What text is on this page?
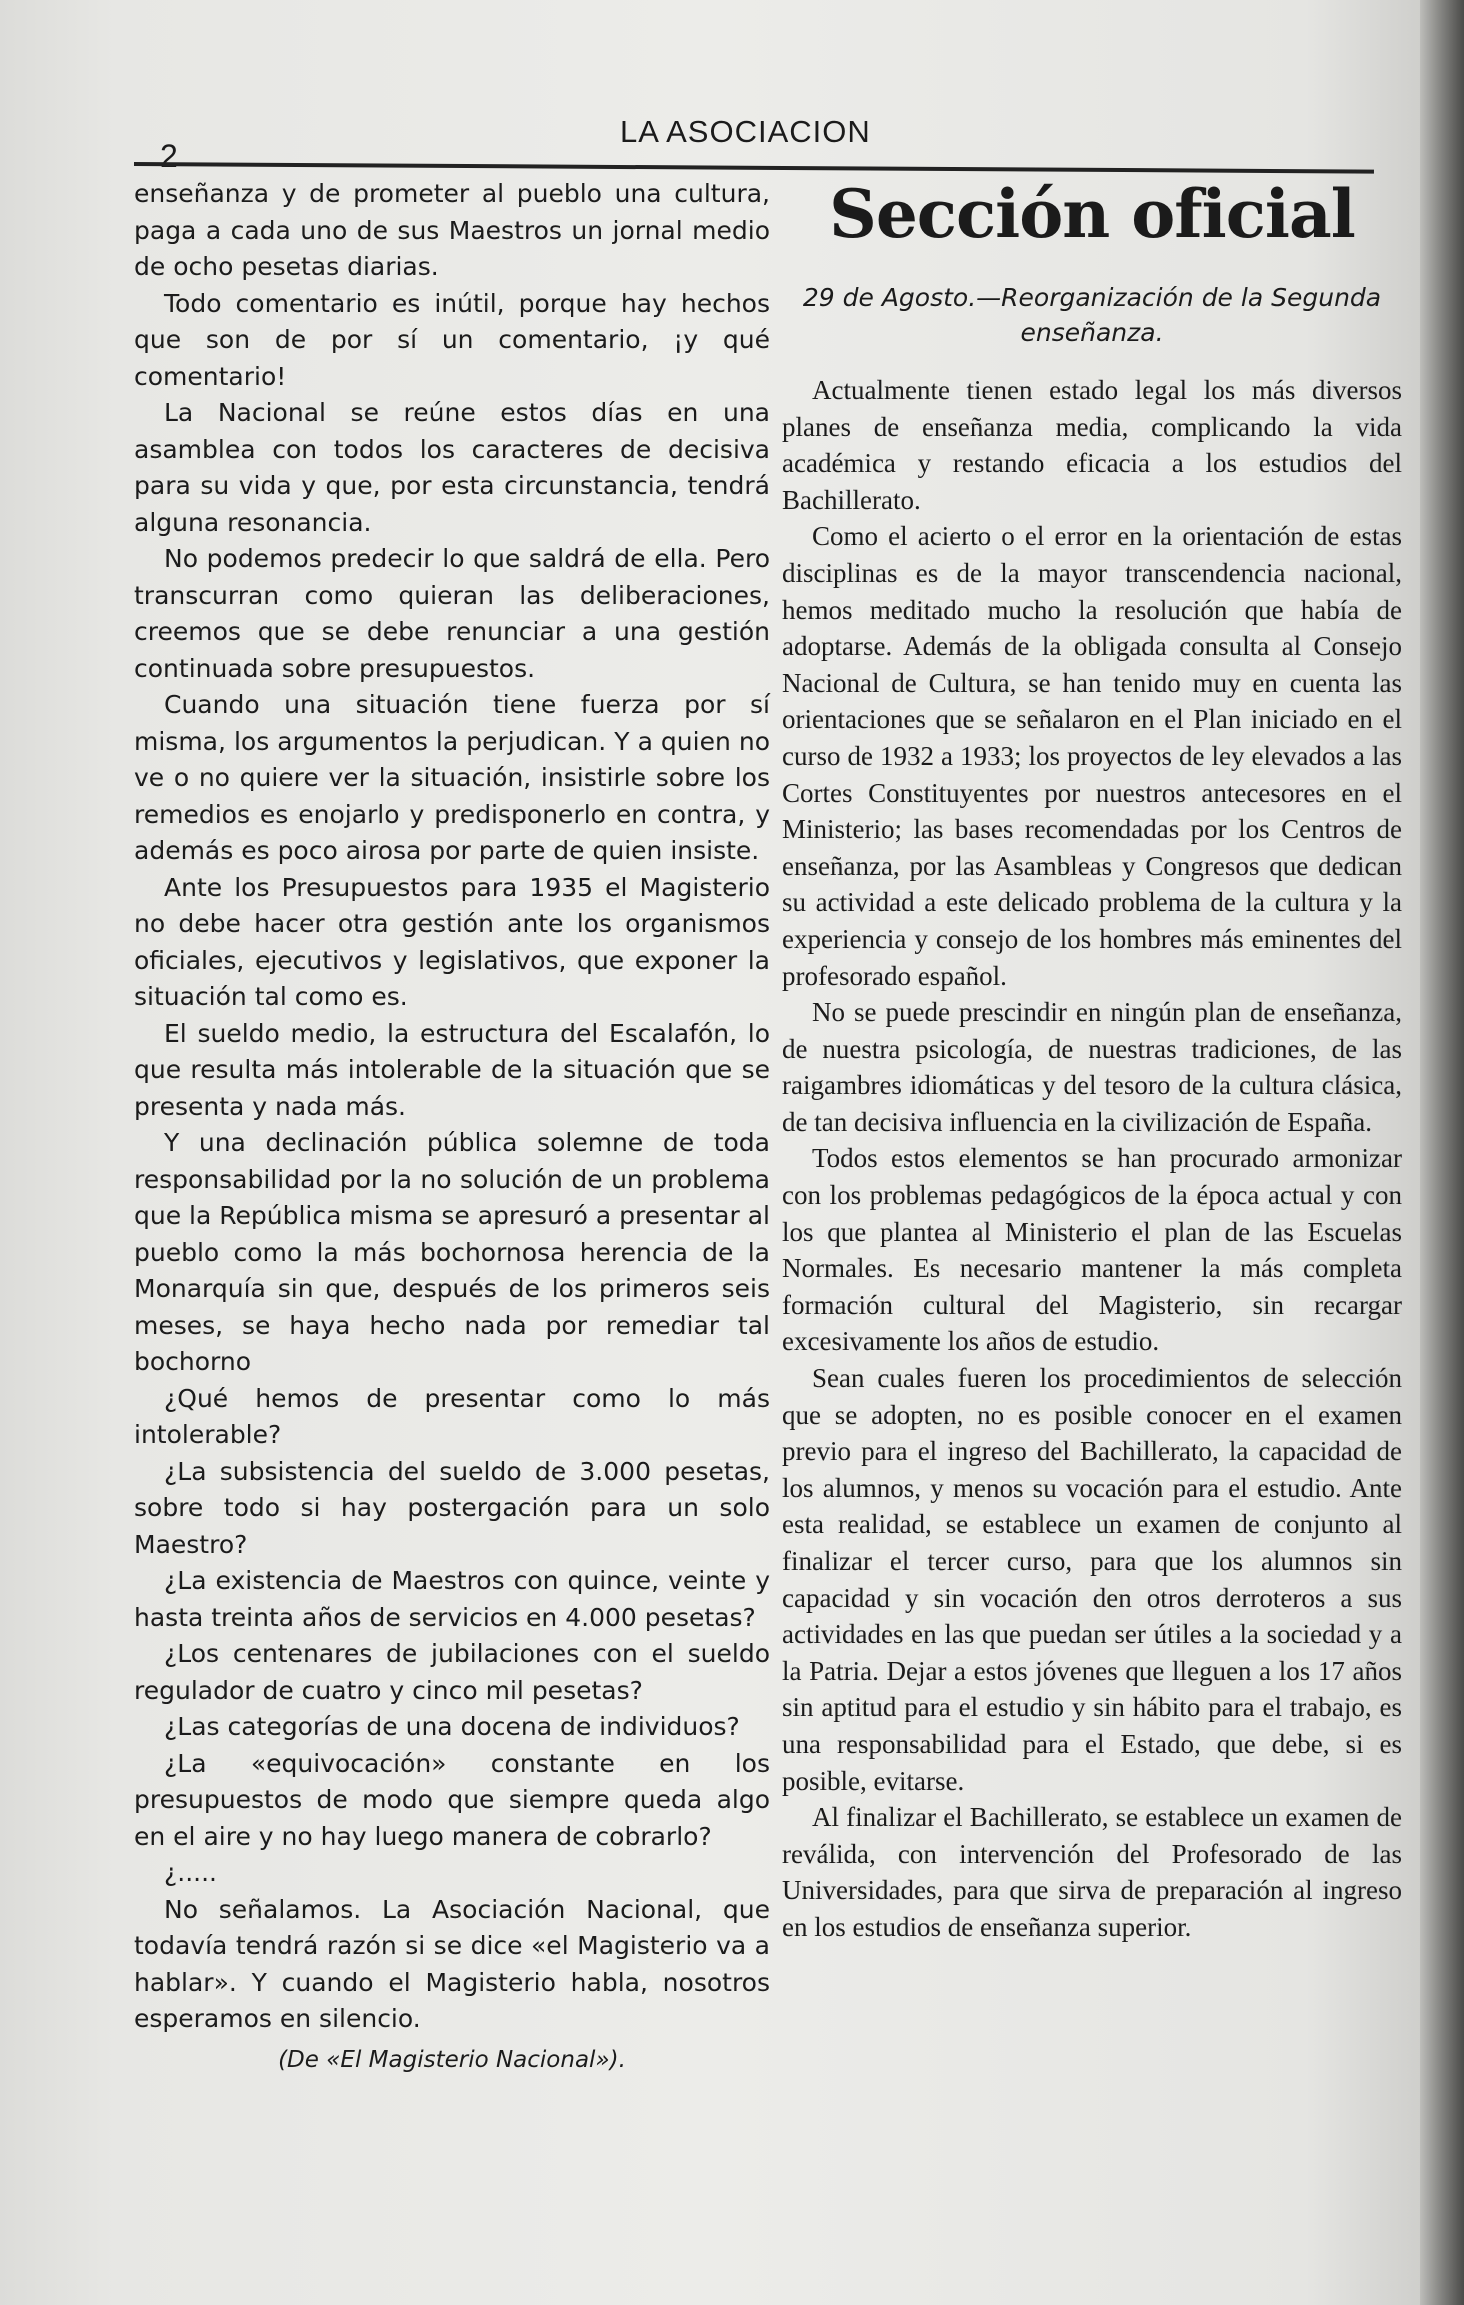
2
LA ASOCIACION

enseñanza y de prometer al pueblo una cultura, paga a cada uno de sus Maestros un jornal medio de ocho pesetas diarias.

Todo comentario es inútil, porque hay hechos que son de por sí un comentario, ¡y qué comentario!

La Nacional se reúne estos días en una asamblea con todos los caracteres de decisiva para su vida y que, por esta circunstancia, tendrá alguna resonancia.

No podemos predecir lo que saldrá de ella. Pero transcurran como quieran las deliberaciones, creemos que se debe renunciar a una gestión continuada sobre presupuestos.

Cuando una situación tiene fuerza por sí misma, los argumentos la perjudican. Y a quien no ve o no quiere ver la situación, insistirle sobre los remedios es enojarlo y predisponerlo en contra, y además es poco airosa por parte de quien insiste.

Ante los Presupuestos para 1935 el Magisterio no debe hacer otra gestión ante los organismos oficiales, ejecutivos y legislativos, que exponer la situación tal como es.

El sueldo medio, la estructura del Escalafón, lo que resulta más intolerable de la situación que se presenta y nada más.

Y una declinación pública solemne de toda responsabilidad por la no solución de un problema que la República misma se apresuró a presentar al pueblo como la más bochornosa herencia de la Monarquía sin que, después de los primeros seis meses, se haya hecho nada por remediar tal bochorno

¿Qué hemos de presentar como lo más intolerable?

¿La subsistencia del sueldo de 3.000 pesetas, sobre todo si hay postergación para un solo Maestro?

¿La existencia de Maestros con quince, veinte y hasta treinta años de servicios en 4.000 pesetas?

¿Los centenares de jubilaciones con el sueldo regulador de cuatro y cinco mil pesetas?

¿Las categorías de una docena de individuos?

¿La «equivocación» constante en los presupuestos de modo que siempre queda algo en el aire y no hay luego manera de cobrarlo?

¿.....

No señalamos. La Asociación Nacional, que todavía tendrá razón si se dice «el Magisterio va a hablar». Y cuando el Magisterio habla, nosotros esperamos en silencio.

(De «El Magisterio Nacional»).
Sección oficial
29 de Agosto.—Reorganización de la Segunda enseñanza.

Actualmente tienen estado legal los más diversos planes de enseñanza media, complicando la vida académica y restando eficacia a los estudios del Bachillerato.

Como el acierto o el error en la orientación de estas disciplinas es de la mayor transcendencia nacional, hemos meditado mucho la resolución que había de adoptarse. Además de la obligada consulta al Consejo Nacional de Cultura, se han tenido muy en cuenta las orientaciones que se señalaron en el Plan iniciado en el curso de 1932 a 1933; los proyectos de ley elevados a las Cortes Constituyentes por nuestros antecesores en el Ministerio; las bases recomendadas por los Centros de enseñanza, por las Asambleas y Congresos que dedican su actividad a este delicado problema de la cultura y la experiencia y consejo de los hombres más eminentes del profesorado español.

No se puede prescindir en ningún plan de enseñanza, de nuestra psicología, de nuestras tradiciones, de las raigambres idiomáticas y del tesoro de la cultura clásica, de tan decisiva influencia en la civilización de España.

Todos estos elementos se han procurado armonizar con los problemas pedagógicos de la época actual y con los que plantea al Ministerio el plan de las Escuelas Normales. Es necesario mantener la más completa formación cultural del Magisterio, sin recargar excesivamente los años de estudio.

Sean cuales fueren los procedimientos de selección que se adopten, no es posible conocer en el examen previo para el ingreso del Bachillerato, la capacidad de los alumnos, y menos su vocación para el estudio. Ante esta realidad, se establece un examen de conjunto al finalizar el tercer curso, para que los alumnos sin capacidad y sin vocación den otros derroteros a sus actividades en las que puedan ser útiles a la sociedad y a la Patria. Dejar a estos jóvenes que lleguen a los 17 años sin aptitud para el estudio y sin hábito para el trabajo, es una responsabilidad para el Estado, que debe, si es posible, evitarse.

Al finalizar el Bachillerato, se establece un examen de reválida, con intervención del Profesorado de las Universidades, para que sirva de preparación al ingreso en los estudios de enseñanza superior.
